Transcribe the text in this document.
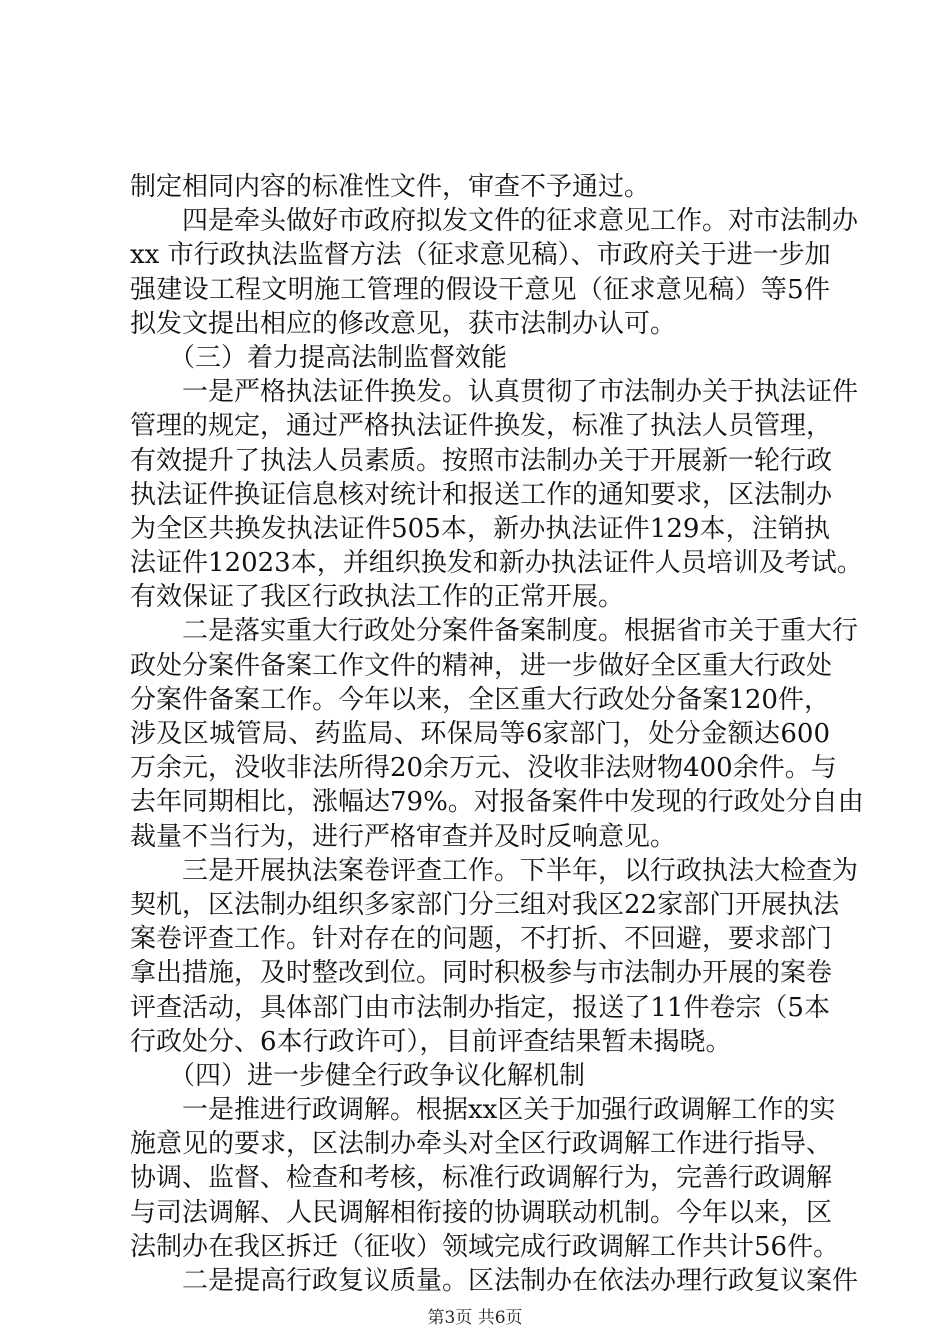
制定相同内容的标准性文件，审查不予通过。
　　四是牵头做好市政府拟发文件的征求意见工作。对市法制办
xx 市行政执法监督方法（征求意见稿）、市政府关于进一步加
强建设工程文明施工管理的假设干意见（征求意见稿）等5件
拟发文提出相应的修改意见，获市法制办认可。
　　（三）着力提高法制监督效能
　　一是严格执法证件换发。认真贯彻了市法制办关于执法证件
管理的规定，通过严格执法证件换发，标准了执法人员管理，
有效提升了执法人员素质。按照市法制办关于开展新一轮行政
执法证件换证信息核对统计和报送工作的通知要求，区法制办
为全区共换发执法证件505本，新办执法证件129本，注销执
法证件12023本，并组织换发和新办执法证件人员培训及考试。
有效保证了我区行政执法工作的正常开展。
　　二是落实重大行政处分案件备案制度。根据省市关于重大行
政处分案件备案工作文件的精神，进一步做好全区重大行政处
分案件备案工作。今年以来，全区重大行政处分备案120件，
涉及区城管局、药监局、环保局等6家部门，处分金额达600
万余元，没收非法所得20余万元、没收非法财物400余件。与
去年同期相比，涨幅达79%。对报备案件中发现的行政处分自由
裁量不当行为，进行严格审查并及时反响意见。
　　三是开展执法案卷评查工作。下半年，以行政执法大检查为
契机，区法制办组织多家部门分三组对我区22家部门开展执法
案卷评查工作。针对存在的问题，不打折、不回避，要求部门
拿出措施，及时整改到位。同时积极参与市法制办开展的案卷
评查活动，具体部门由市法制办指定，报送了11件卷宗（5本
行政处分、6本行政许可），目前评查结果暂未揭晓。
　　（四）进一步健全行政争议化解机制
　　一是推进行政调解。根据xx区关于加强行政调解工作的实
施意见的要求，区法制办牵头对全区行政调解工作进行指导、
协调、监督、检查和考核，标准行政调解行为，完善行政调解
与司法调解、人民调解相衔接的协调联动机制。今年以来，区
法制办在我区拆迁（征收）领域完成行政调解工作共计56件。
　　二是提高行政复议质量。区法制办在依法办理行政复议案件
第3页 共6页
